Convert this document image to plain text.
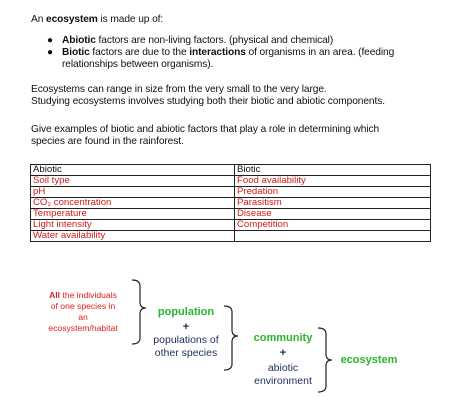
An ecosystem is made up of:
● Abiotic factors are non-living factors. (physical and chemical)
● Biotic factors are due to the interactions of organisms in an area. (feeding
relationships between organisms).
Ecosystems can range in size from the very small to the very large.
Studying ecosystems involves studying both their biotic and abiotic components.
Give examples of biotic and abiotic factors that play a role in determining which
species are found in the rainforest.
Abiotic	Biotic
Soil type	Food availability
pH	Predation
CO₂ concentration	Parasitism
Temperature	Disease
Light intensity	Competition
Water availability	
All the individuals
of one species in
an
ecosystem/habitat
population
+
populations of
other species
community
+
abiotic
environment
ecosystem
